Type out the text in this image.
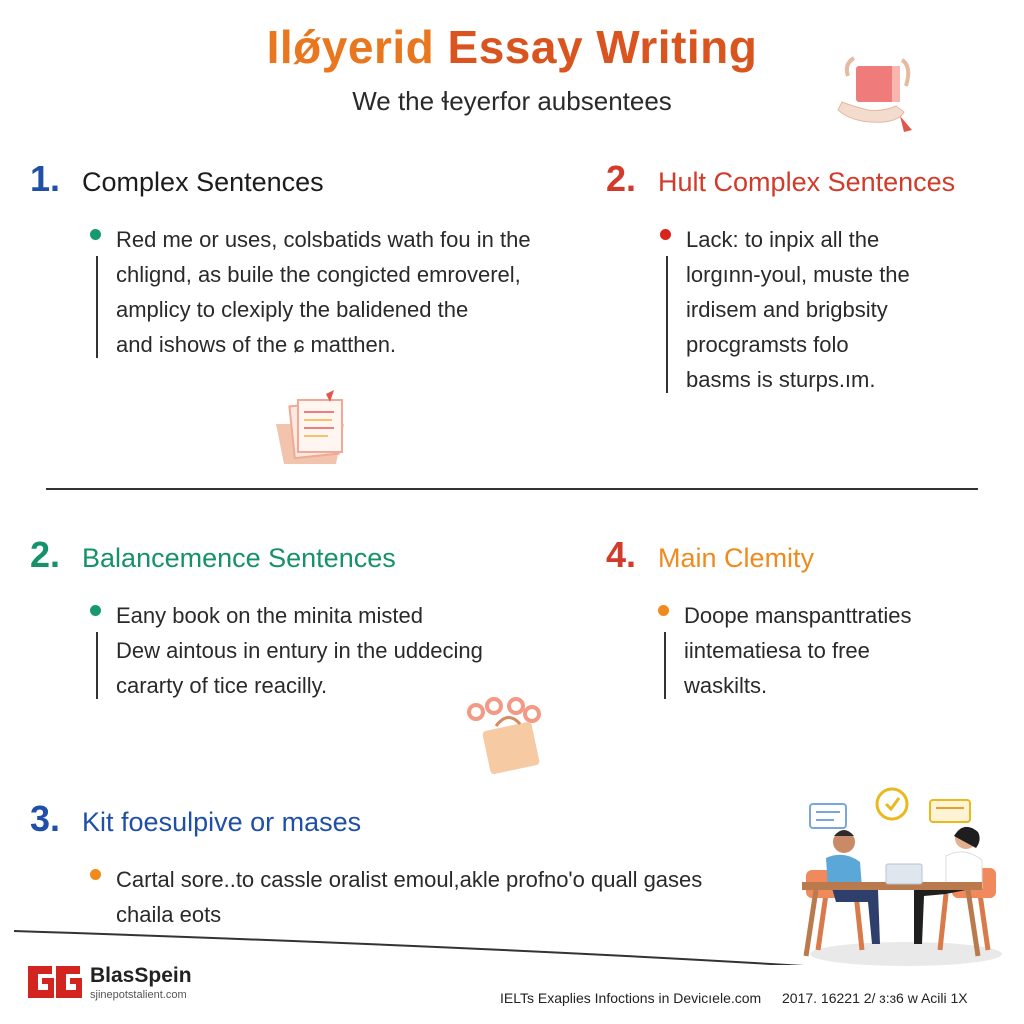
Ilǿyerid Essay Writing
We the ɬeyerfor aubsentees
1. Complex Sentences
Red me or uses, colsbatids wath fou in the
chlignd, as buile the congicted emroverel,
amplicy to clexiply the balidened the
and ishows of the ɕ matthen.
2. Hult Complex Sentences
Lack: to inpix all the
lorgınn-youl, muste the
irdisem and brigbsity
procgramsts folo
basms is sturps.ım.
2. Balancemence Sentences
Eany book on the minita misted
Dew aintous in entury in the uddecing
cararty of tice reacilly.
4. Main Clemity
Doope manspanttraties
iintematiesa to free
waskilts.
3. Kit foesulpive or mases
Cartal sore..to cassle oralist emoul,akle profno'o quall gases
chaila eots
BlasSpein
sjinepotstalient.com	IELTs Exaplies Infoctions in Devicıele.com 2017. 16221 2/ ɜ:ɜ6 w Acili 1X
